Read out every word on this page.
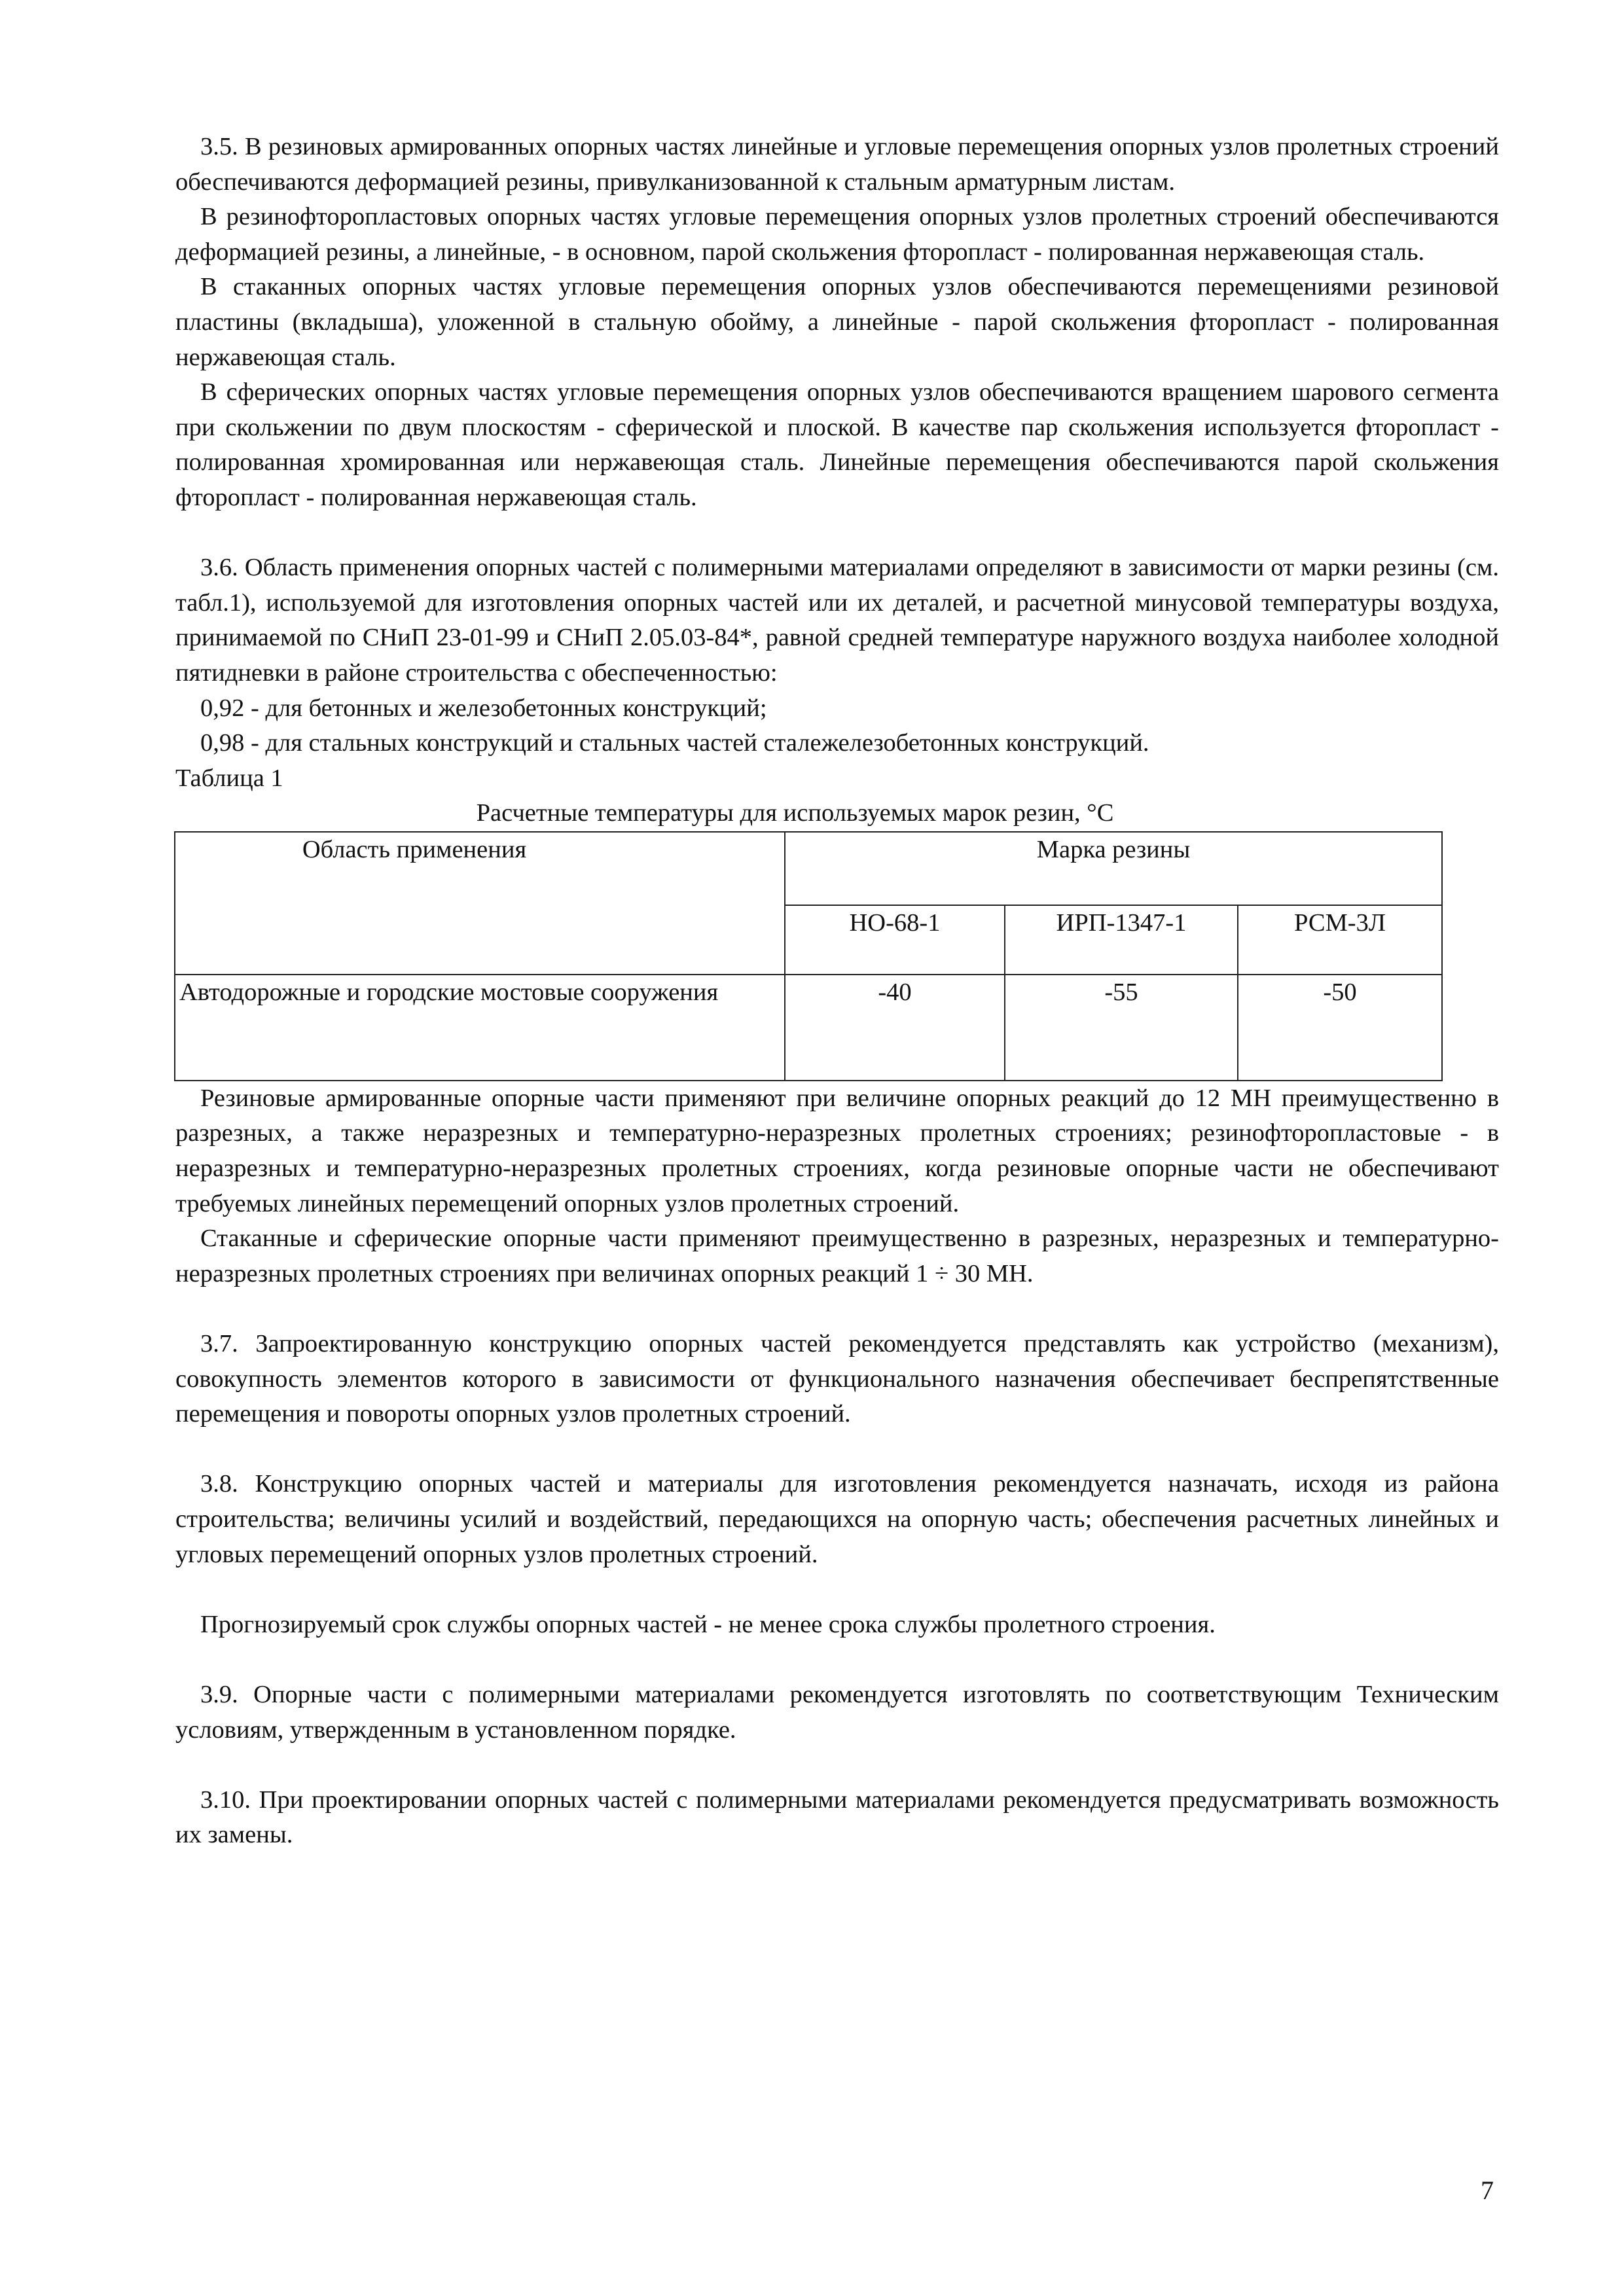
3.5. В резиновых армированных опорных частях линейные и угловые перемещения опорных узлов пролетных строений обеспечиваются деформацией резины, привулканизованной к стальным арматурным листам.

В резинофторопластовых опорных частях угловые перемещения опорных узлов пролетных строений обеспечиваются деформацией резины, а линейные, - в основном, парой скольжения фторопласт - полированная нержавеющая сталь.

В стаканных опорных частях угловые перемещения опорных узлов обеспечиваются перемещениями резиновой пластины (вкладыша), уложенной в стальную обойму, а линейные - парой скольжения фторопласт - полированная нержавеющая сталь.

В сферических опорных частях угловые перемещения опорных узлов обеспечиваются вращением шарового сегмента при скольжении по двум плоскостям - сферической и плоской. В качестве пар скольжения используется фторопласт - полированная хромированная или нержавеющая сталь. Линейные перемещения обеспечиваются парой скольжения фторопласт - полированная нержавеющая сталь.

3.6. Область применения опорных частей с полимерными материалами определяют в зависимости от марки резины (см. табл.1), используемой для изготовления опорных частей или их деталей, и расчетной минусовой температуры воздуха, принимаемой по СНиП 23-01-99 и СНиП 2.05.03-84*, равной средней температуре наружного воздуха наиболее холодной пятидневки в районе строительства с обеспеченностью:

0,92 - для бетонных и железобетонных конструкций;

0,98 - для стальных конструкций и стальных частей сталежелезобетонных конструкций.

Таблица 1

Расчетные температуры для используемых марок резин, °С

Область применения	Марка резины		
	НО-68-1	ИРП-1347-1	РСМ-3Л
Автодорожные и городские мостовые сооружения	-40	-55	-50

Резиновые армированные опорные части применяют при величине опорных реакций до 12 МН преимущественно в разрезных, а также неразрезных и температурно-неразрезных пролетных строениях; резинофторопластовые - в неразрезных и температурно-неразрезных пролетных строениях, когда резиновые опорные части не обеспечивают требуемых линейных перемещений опорных узлов пролетных строений.

Стаканные и сферические опорные части применяют преимущественно в разрезных, неразрезных и температурно-неразрезных пролетных строениях при величинах опорных реакций 1 ÷ 30 МН.

3.7. Запроектированную конструкцию опорных частей рекомендуется представлять как устройство (механизм), совокупность элементов которого в зависимости от функционального назначения обеспечивает беспрепятственные перемещения и повороты опорных узлов пролетных строений.

3.8. Конструкцию опорных частей и материалы для изготовления рекомендуется назначать, исходя из района строительства; величины усилий и воздействий, передающихся на опорную часть; обеспечения расчетных линейных и угловых перемещений опорных узлов пролетных строений.

Прогнозируемый срок службы опорных частей - не менее срока службы пролетного строения.

3.9. Опорные части с полимерными материалами рекомендуется изготовлять по соответствующим Техническим условиям, утвержденным в установленном порядке.

3.10. При проектировании опорных частей с полимерными материалами рекомендуется предусматривать возможность их замены.

7
